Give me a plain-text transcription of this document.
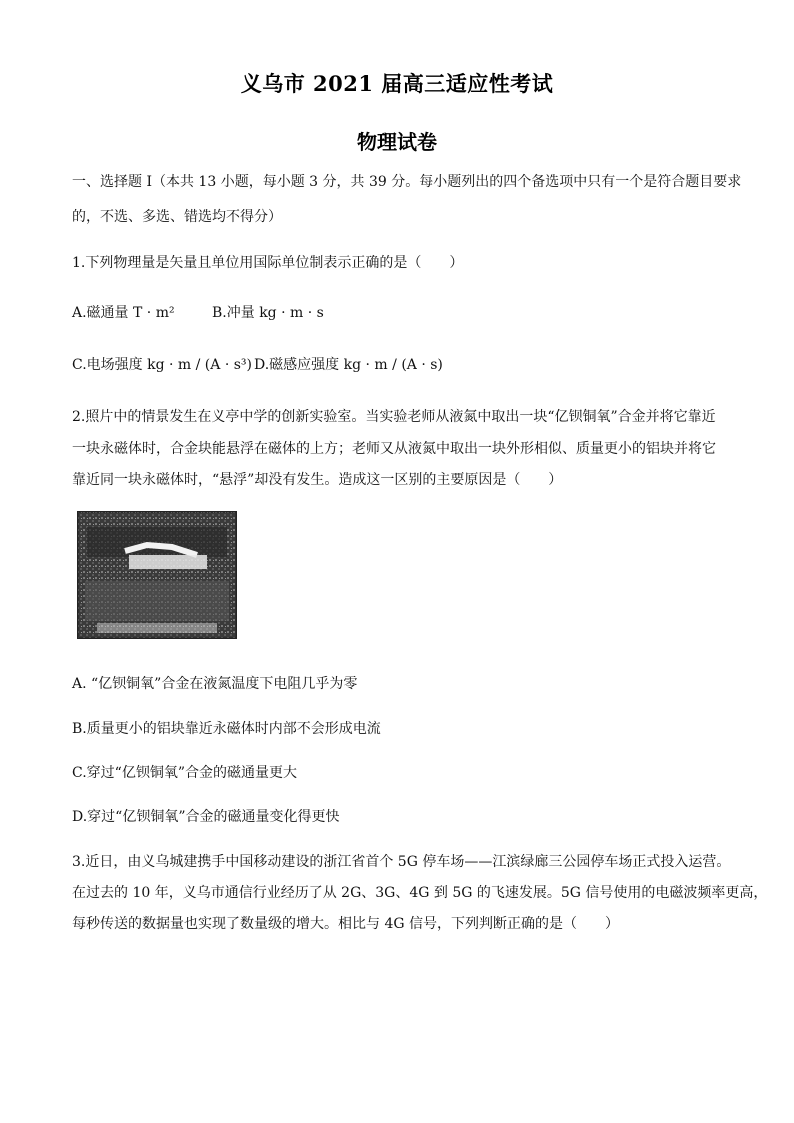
义乌市 2021 届高三适应性考试
物理试卷
一、选择题 I（本共 13 小题，每小题 3 分，共 39 分。每小题列出的四个备选项中只有一个是符合题目要求
的，不选、多选、错选均不得分）
1.下列物理量是矢量且单位用国际单位制表示正确的是（　　）
A.磁通量 T · m²	B.冲量 kg · m · s
C.电场强度 kg · m / (A · s³) D.磁感应强度 kg · m / (A · s)
2.照片中的情景发生在义亭中学的创新实验室。当实验老师从液氮中取出一块“亿钡铜氧”合金并将它靠近
一块永磁体时，合金块能悬浮在磁体的上方；老师又从液氮中取出一块外形相似、质量更小的铝块并将它
靠近同一块永磁体时，“悬浮”却没有发生。造成这一区别的主要原因是（　　）
A. “亿钡铜氧”合金在液氮温度下电阻几乎为零
B.质量更小的铝块靠近永磁体时内部不会形成电流
C.穿过“亿钡铜氧”合金的磁通量更大
D.穿过“亿钡铜氧”合金的磁通量变化得更快
3.近日，由义乌城建携手中国移动建设的浙江省首个 5G 停车场——江滨绿廊三公园停车场正式投入运营。
在过去的 10 年，义乌市通信行业经历了从 2G、3G、4G 到 5G 的飞速发展。5G 信号使用的电磁波频率更高，
每秒传送的数据量也实现了数量级的增大。相比与 4G 信号，下列判断正确的是（　　）
